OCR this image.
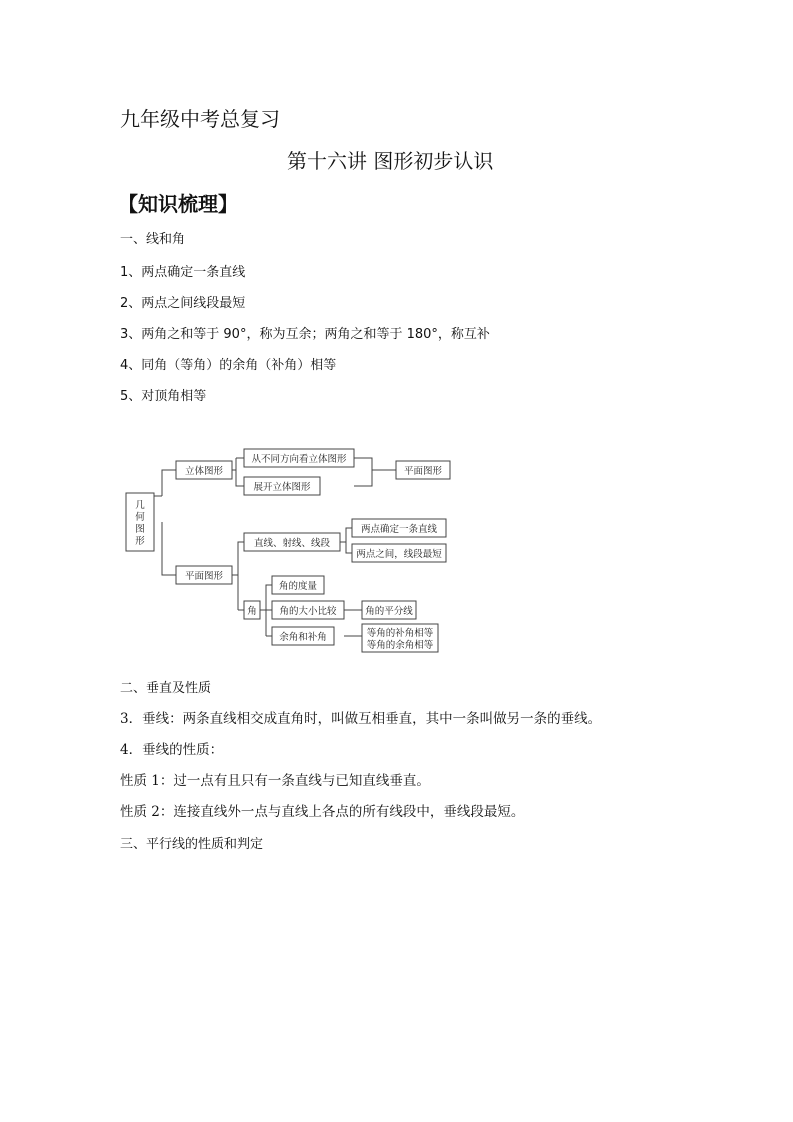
九年级中考总复习
第十六讲 图形初步认识
【知识梳理】
一、线和角
1、两点确定一条直线
2、两点之间线段最短
3、两角之和等于 90°，称为互余；两角之和等于 180°，称互补
4、同角（等角）的余角（补角）相等
5、对顶角相等
几
何
图
形
立体图形
从不同方向看立体图形
展开立体图形
平面图形
平面图形
直线、射线、线段
两点确定一条直线
两点之间，线段最短
角
角的度量
角的大小比较	角的平分线
余角和补角	等角的补角相等
等角的余角相等
二、垂直及性质
3．垂线：两条直线相交成直角时，叫做互相垂直，其中一条叫做另一条的垂线。
4．垂线的性质：
性质 1：过一点有且只有一条直线与已知直线垂直。
性质 2：连接直线外一点与直线上各点的所有线段中，垂线段最短。
三、平行线的性质和判定
